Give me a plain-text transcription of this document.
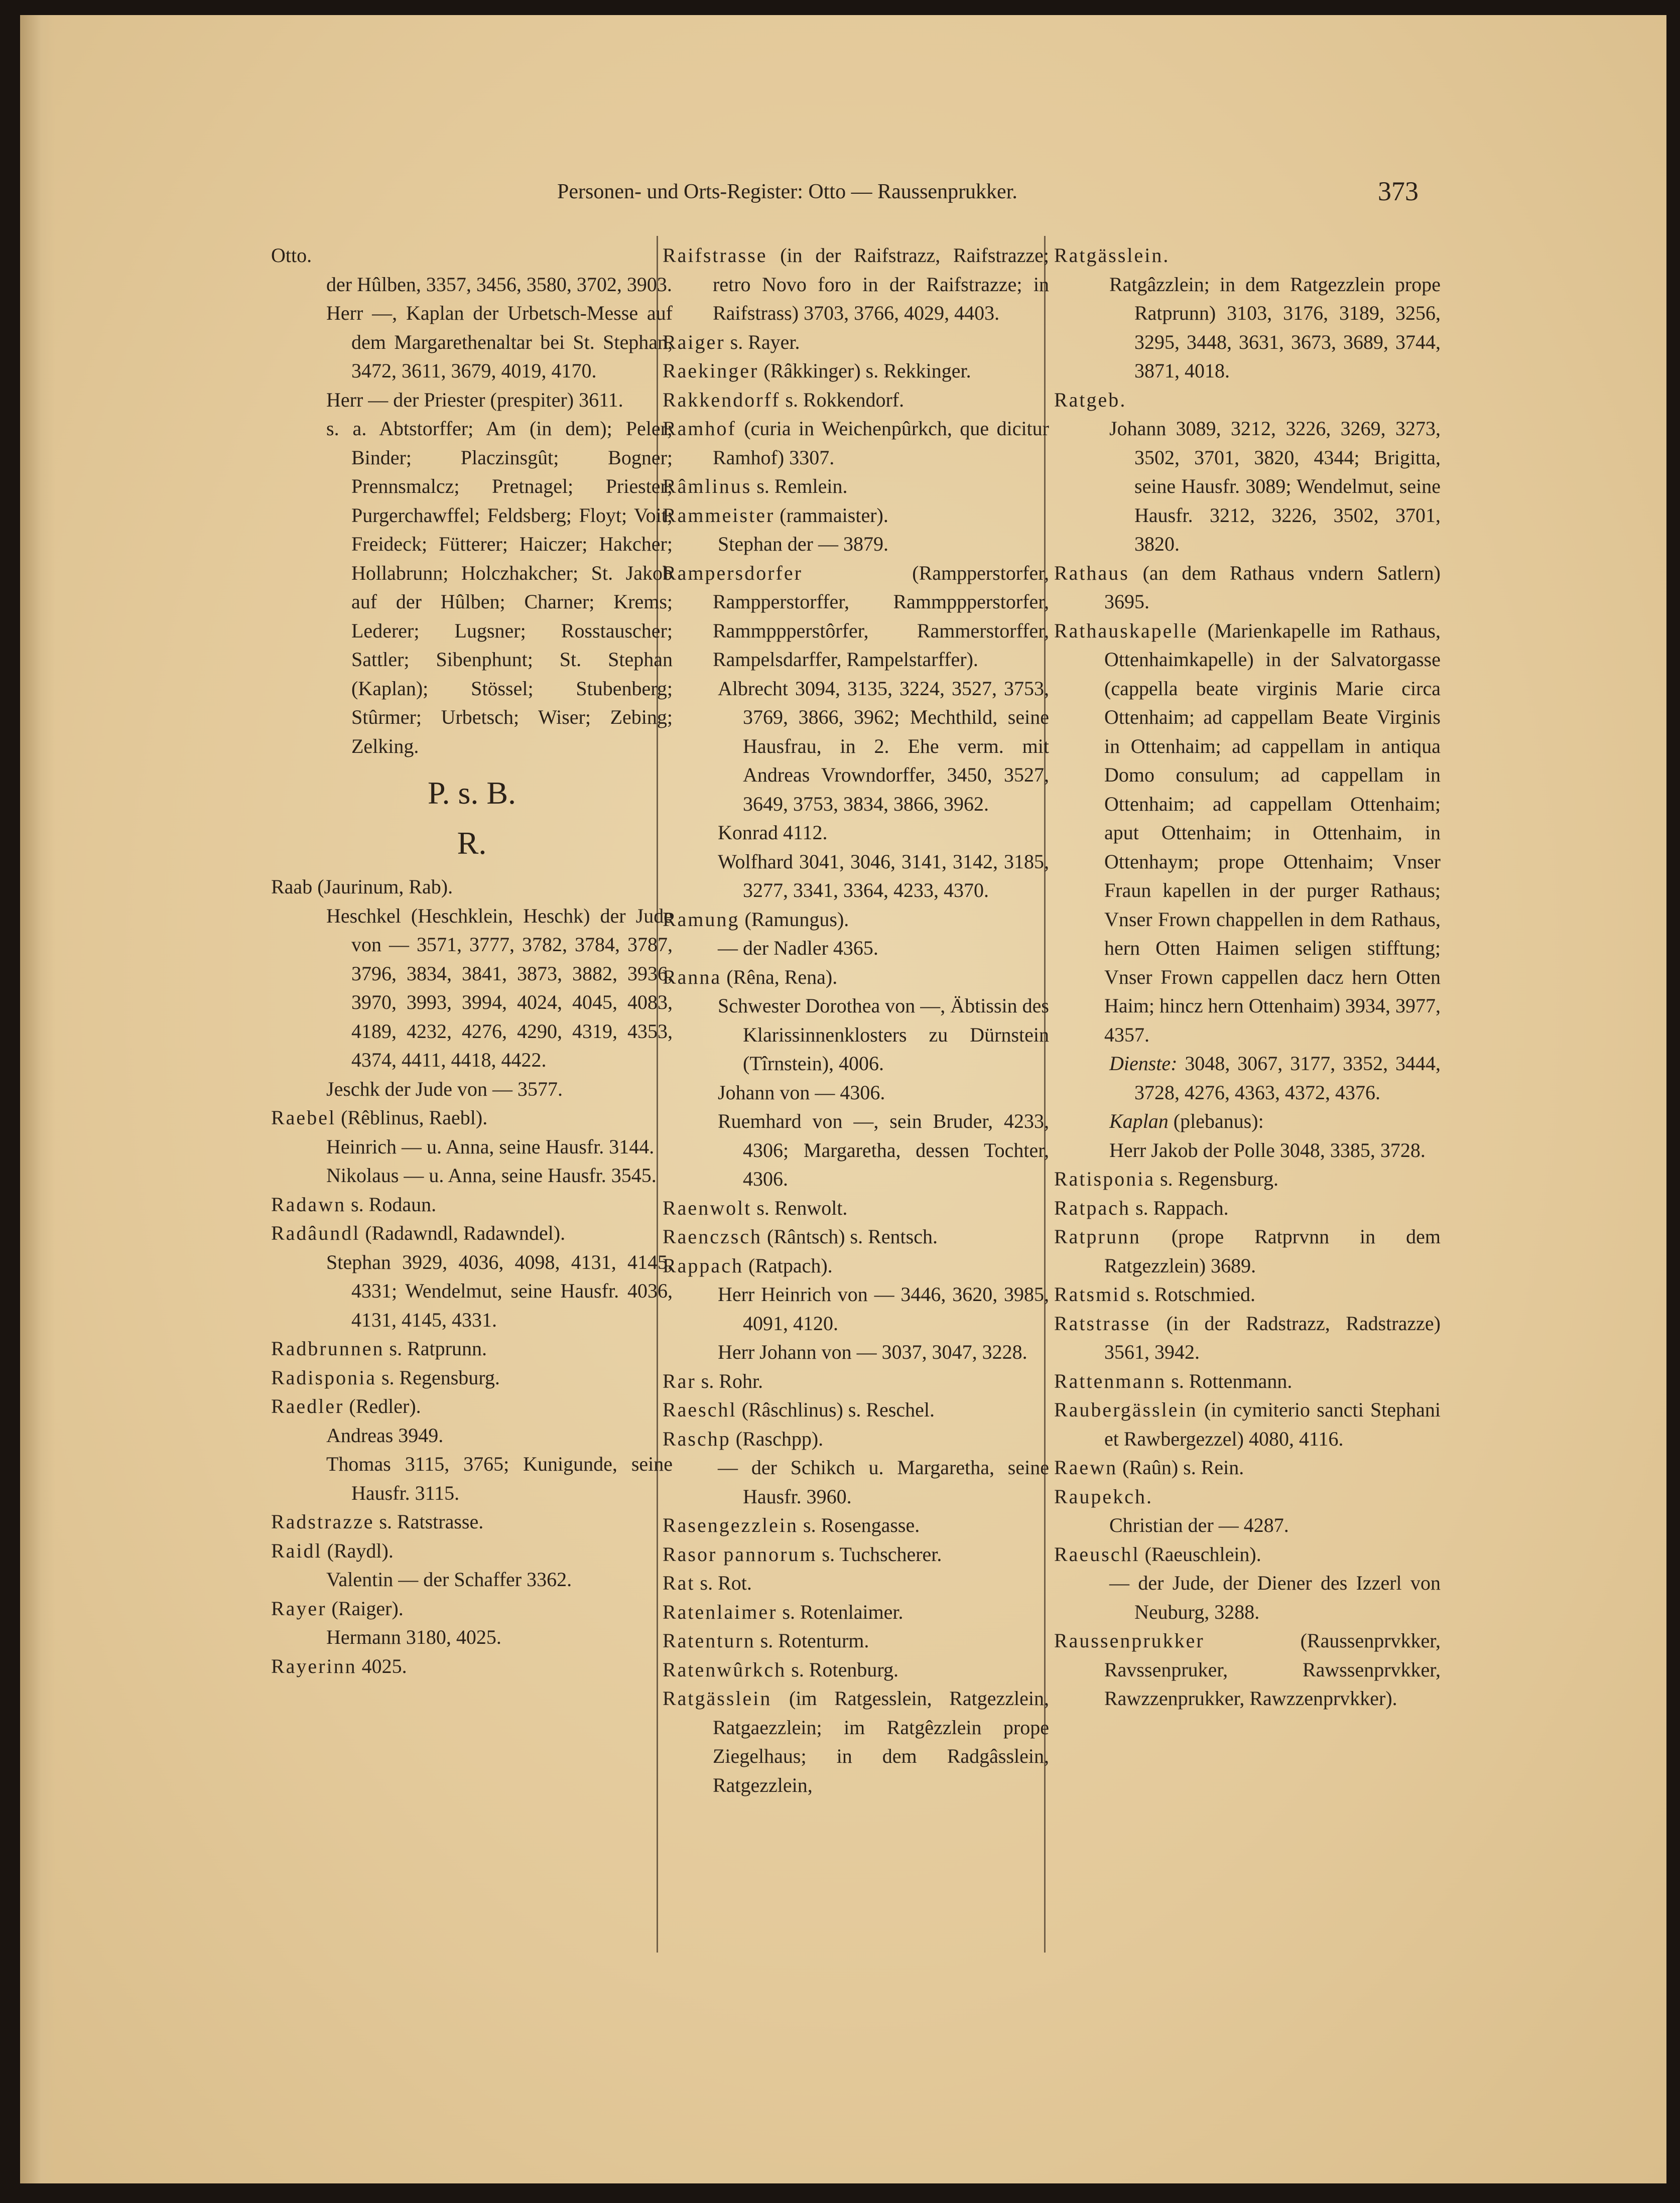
Personen- und Orts-Register: Otto — Raussenprukker.	373

Otto.

der Hûlben, 3357, 3456, 3580, 3702, 3903.

Herr —, Kaplan der Urbetsch-Messe auf dem Margarethenaltar bei St. Stephan, 3472, 3611, 3679, 4019, 4170.

Herr — der Priester (prespiter) 3611.

s. a. Abtstorffer; Am (in dem); Peler; Binder; Placzinsgût; Bogner; Prennsmalcz; Pretnagel; Priester; Purgerchawffel; Feldsberg; Floyt; Voit; Freideck; Fütterer; Haiczer; Hakcher; Hollabrunn; Holczhakcher; St. Jakob auf der Hûlben; Charner; Krems; Lederer; Lugsner; Rosstauscher; Sattler; Sibenphunt; St. Stephan (Kaplan); Stössel; Stubenberg; Stûrmer; Urbetsch; Wiser; Zebing; Zelking.

P. s. B.

R.

Raab (Jaurinum, Rab).

Heschkel (Heschklein, Heschk) der Jude von — 3571, 3777, 3782, 3784, 3787, 3796, 3834, 3841, 3873, 3882, 3936, 3970, 3993, 3994, 4024, 4045, 4083, 4189, 4232, 4276, 4290, 4319, 4353, 4374, 4411, 4418, 4422.

Jeschk der Jude von — 3577.

Raebel (Rêblinus, Raebl).

Heinrich — u. Anna, seine Hausfr. 3144.

Nikolaus — u. Anna, seine Hausfr. 3545.

Radawn s. Rodaun.

Radâundl (Radawndl, Radawndel).

Stephan 3929, 4036, 4098, 4131, 4145, 4331; Wendelmut, seine Hausfr. 4036, 4131, 4145, 4331.

Radbrunnen s. Ratprunn.

Radisponia s. Regensburg.

Raedler (Redler).

Andreas 3949.

Thomas 3115, 3765; Kunigunde, seine Hausfr. 3115.

Radstrazze s. Ratstrasse.

Raidl (Raydl).

Valentin — der Schaffer 3362.

Rayer (Raiger).

Hermann 3180, 4025.

Rayerinn 4025.

Raifstrasse (in der Raifstrazz, Raifstrazze; retro Novo foro in der Raifstrazze; in Raifstrass) 3703, 3766, 4029, 4403.

Raiger s. Rayer.

Raekinger (Râkkinger) s. Rekkinger.

Rakkendorff s. Rokkendorf.

Ramhof (curia in Weichenpûrkch, que dicitur Ramhof) 3307.

Râmlinus s. Remlein.

Rammeister (rammaister).

Stephan der — 3879.

Rampersdorfer (Rampperstorfer, Rampperstorffer, Rammppperstorfer, Rammppperstôrfer, Rammerstorffer, Rampelsdarffer, Rampelstarffer).

Albrecht 3094, 3135, 3224, 3527, 3753, 3769, 3866, 3962; Mechthild, seine Hausfrau, in 2. Ehe verm. mit Andreas Vrowndorffer, 3450, 3527, 3649, 3753, 3834, 3866, 3962.

Konrad 4112.

Wolfhard 3041, 3046, 3141, 3142, 3185, 3277, 3341, 3364, 4233, 4370.

Ramung (Ramungus).

— der Nadler 4365.

Ranna (Rêna, Rena).

Schwester Dorothea von —, Äbtissin des Klarissinnenklosters zu Dürnstein (Tîrnstein), 4006.

Johann von — 4306.

Ruemhard von —, sein Bruder, 4233, 4306; Margaretha, dessen Tochter, 4306.

Raenwolt s. Renwolt.

Raenczsch (Rântsch) s. Rentsch.

Rappach (Ratpach).

Herr Heinrich von — 3446, 3620, 3985, 4091, 4120.

Herr Johann von — 3037, 3047, 3228.

Rar s. Rohr.

Raeschl (Râschlinus) s. Reschel.

Raschp (Raschpp).

— der Schikch u. Margaretha, seine Hausfr. 3960.

Rasengezzlein s. Rosengasse.

Rasor pannorum s. Tuchscherer.

Rat s. Rot.

Ratenlaimer s. Rotenlaimer.

Ratenturn s. Rotenturm.

Ratenwûrkch s. Rotenburg.

Ratgässlein (im Ratgesslein, Ratgezzlein, Ratgaezzlein; im Ratgêzzlein prope Ziegelhaus; in dem Radgâsslein, Ratgezzlein,

Ratgässlein.

Ratgâzzlein; in dem Ratgezzlein prope Ratprunn) 3103, 3176, 3189, 3256, 3295, 3448, 3631, 3673, 3689, 3744, 3871, 4018.

Ratgeb.

Johann 3089, 3212, 3226, 3269, 3273, 3502, 3701, 3820, 4344; Brigitta, seine Hausfr. 3089; Wendelmut, seine Hausfr. 3212, 3226, 3502, 3701, 3820.

Rathaus (an dem Rathaus vndern Satlern) 3695.

Rathauskapelle (Marienkapelle im Rathaus, Ottenhaimkapelle) in der Salvatorgasse (cappella beate virginis Marie circa Ottenhaim; ad cappellam Beate Virginis in Ottenhaim; ad cappellam in antiqua Domo consulum; ad cappellam in Ottenhaim; ad cappellam Ottenhaim; aput Ottenhaim; in Ottenhaim, in Ottenhaym; prope Ottenhaim; Vnser Fraun kapellen in der purger Rathaus; Vnser Frown chappellen in dem Rathaus, hern Otten Haimen seligen stifftung; Vnser Frown cappellen dacz hern Otten Haim; hincz hern Ottenhaim) 3934, 3977, 4357.

Dienste: 3048, 3067, 3177, 3352, 3444, 3728, 4276, 4363, 4372, 4376.

Kaplan (plebanus):

Herr Jakob der Polle 3048, 3385, 3728.

Ratisponia s. Regensburg.

Ratpach s. Rappach.

Ratprunn (prope Ratprvnn in dem Ratgezzlein) 3689.

Ratsmid s. Rotschmied.

Ratstrasse (in der Radstrazz, Radstrazze) 3561, 3942.

Rattenmann s. Rottenmann.

Raubergässlein (in cymiterio sancti Stephani et Rawbergezzel) 4080, 4116.

Raewn (Raûn) s. Rein.

Raupekch.

Christian der — 4287.

Raeuschl (Raeuschlein).

— der Jude, der Diener des Izzerl von Neuburg, 3288.

Raussenprukker (Raussenprvkker, Ravssenpruker, Rawssenprvkker, Rawzzenprukker, Rawzzenprvkker).
